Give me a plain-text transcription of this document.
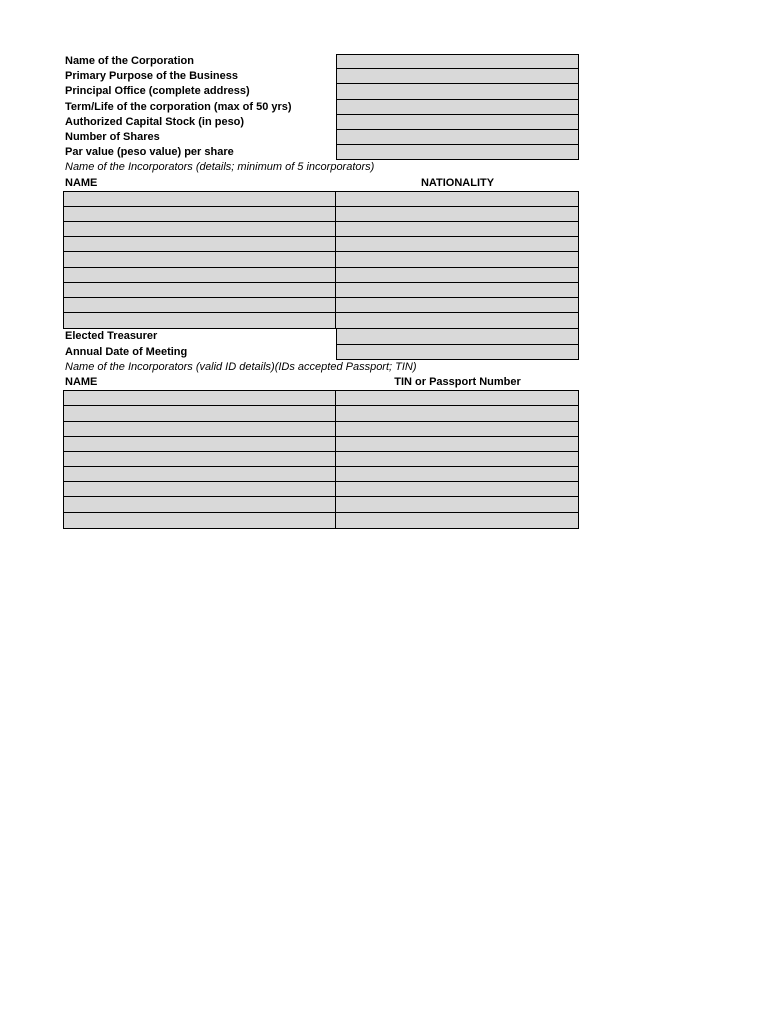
Name of the Corporation
Primary Purpose of the Business
Principal Office (complete address)
Term/Life of the corporation (max of 50 yrs)
Authorized Capital Stock (in peso)
Number of Shares
Par value (peso value) per share
Name of the Incorporators (details; minimum of 5 incorporators)
NAME	NATIONALITY
Elected Treasurer
Annual Date of Meeting
Name of the Incorporators (valid ID details)(IDs accepted Passport; TIN)
NAME	TIN or Passport Number
